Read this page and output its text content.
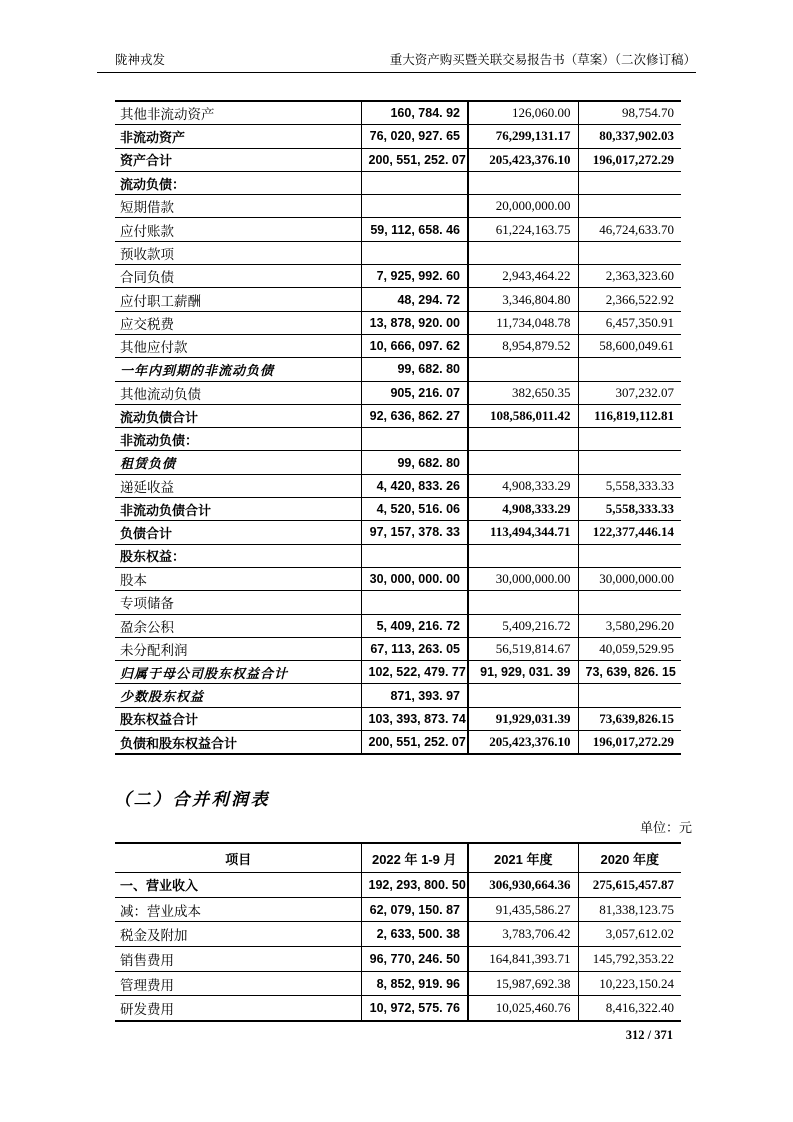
陇神戎发	重大资产购买暨关联交易报告书（草案）（二次修订稿）
其他非流动资产	160, 784. 92	126,060.00	98,754.70
非流动资产	76, 020, 927. 65	76,299,131.17	80,337,902.03
资产合计	200, 551, 252. 07	205,423,376.10	196,017,272.29
流动负债：			
短期借款		20,000,000.00	
应付账款	59, 112, 658. 46	61,224,163.75	46,724,633.70
预收款项			
合同负债	7, 925, 992. 60	2,943,464.22	2,363,323.60
应付职工薪酬	48, 294. 72	3,346,804.80	2,366,522.92
应交税费	13, 878, 920. 00	11,734,048.78	6,457,350.91
其他应付款	10, 666, 097. 62	8,954,879.52	58,600,049.61
一年内到期的非流动负债	99, 682. 80		
其他流动负债	905, 216. 07	382,650.35	307,232.07
流动负债合计	92, 636, 862. 27	108,586,011.42	116,819,112.81
非流动负债：			
租赁负债	99, 682. 80		
递延收益	4, 420, 833. 26	4,908,333.29	5,558,333.33
非流动负债合计	4, 520, 516. 06	4,908,333.29	5,558,333.33
负债合计	97, 157, 378. 33	113,494,344.71	122,377,446.14
股东权益：			
股本	30, 000, 000. 00	30,000,000.00	30,000,000.00
专项储备			
盈余公积	5, 409, 216. 72	5,409,216.72	3,580,296.20
未分配利润	67, 113, 263. 05	56,519,814.67	40,059,529.95
归属于母公司股东权益合计	102, 522, 479. 77	91, 929, 031. 39	73, 639, 826. 15
少数股东权益	871, 393. 97		
股东权益合计	103, 393, 873. 74	91,929,031.39	73,639,826.15
负债和股东权益合计	200, 551, 252. 07	205,423,376.10	196,017,272.29
（二）合并利润表
单位：元
项目	2022 年 1-9 月	2021 年度	2020 年度
一、营业收入	192, 293, 800. 50	306,930,664.36	275,615,457.87
减：营业成本	62, 079, 150. 87	91,435,586.27	81,338,123.75
税金及附加	2, 633, 500. 38	3,783,706.42	3,057,612.02
销售费用	96, 770, 246. 50	164,841,393.71	145,792,353.22
管理费用	8, 852, 919. 96	15,987,692.38	10,223,150.24
研发费用	10, 972, 575. 76	10,025,460.76	8,416,322.40
312 / 371
